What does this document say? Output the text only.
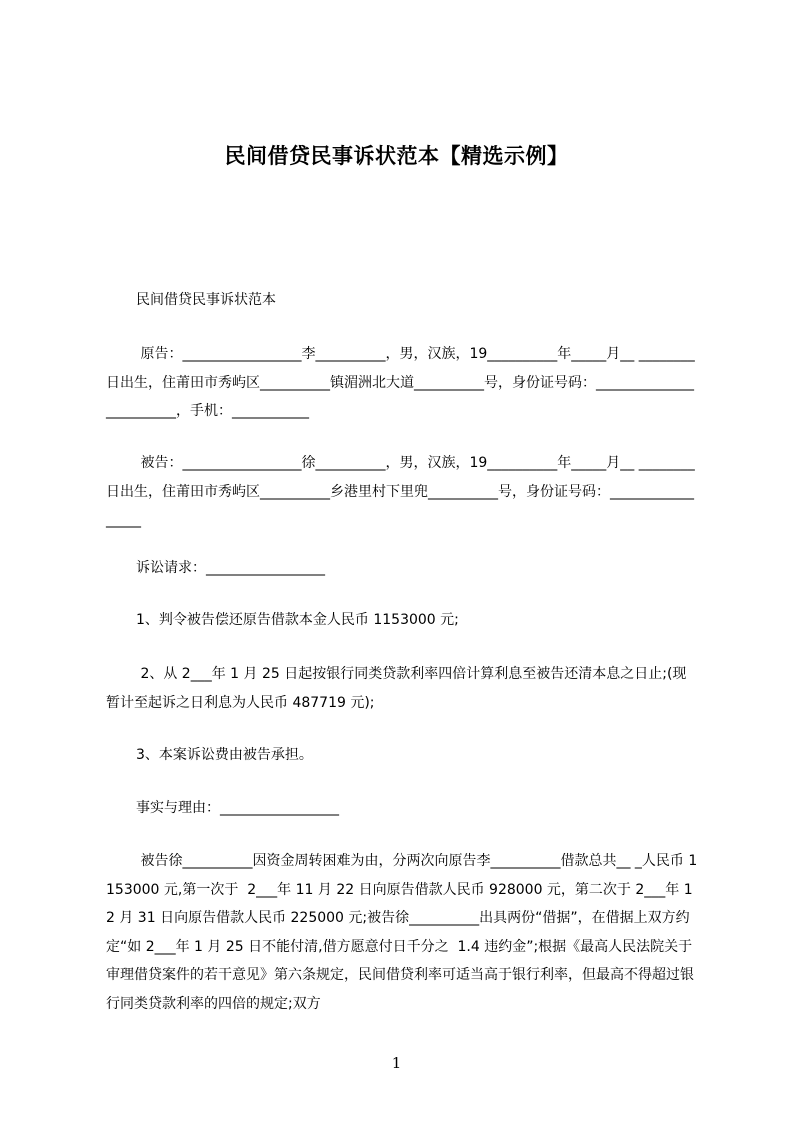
民间借贷民事诉状范本【精选示例】

民间借贷民事诉状范本

原告：_________________李__________，男，汉族，19__________年_____月__ ________日出生，住莆田市秀屿区__________镇湄洲北大道__________号，身份证号码：________________________，手机：___________

被告：_________________徐__________，男，汉族，19__________年_____月__ ________日出生，住莆田市秀屿区__________乡港里村下里兜__________号，身份证号码：_________________

诉讼请求：_________________

1、判令被告偿还原告借款本金人民币 1153000 元;

2、从 2___年 1 月 25 日起按银行同类贷款利率四倍计算利息至被告还清本息之日止;(现暂计至起诉之日利息为人民币 487719 元);

3、本案诉讼费由被告承担。

事实与理由：_________________

被告徐__________因资金周转困难为由，分两次向原告李__________借款总共__ _人民币 1153000 元,第一次于  2___年 11 月 22 日向原告借款人民币 928000 元，第二次于 2___年 12 月 31 日向原告借款人民币 225000 元;被告徐__________出具两份“借据”，在借据上双方约定“如 2___年 1 月 25 日不能付清,借方愿意付日千分之  1.4 违约金”;根据《最高人民法院关于审理借贷案件的若干意见》第六条规定，民间借贷利率可适当高于银行利率，但最高不得超过银行同类贷款利率的四倍的规定;双方

1
